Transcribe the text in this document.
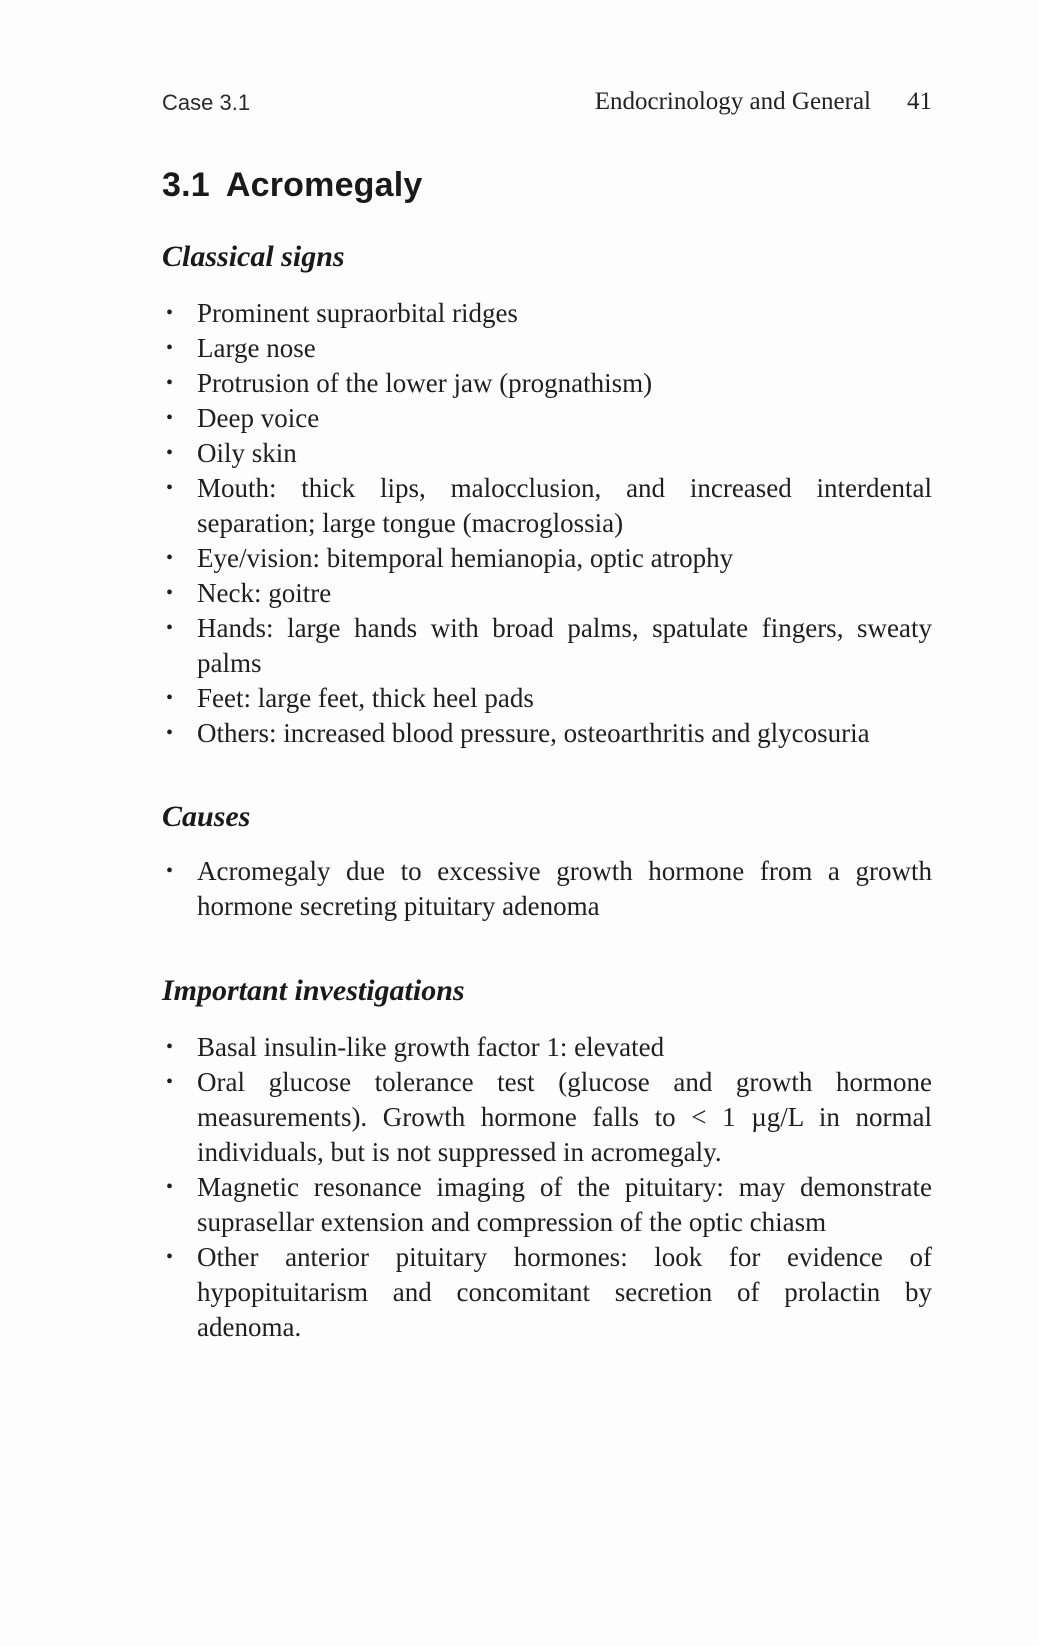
Case 3.1	Endocrinology and General 41
3.1 Acromegaly
Classical signs
• Prominent supraorbital ridges
• Large nose
• Protrusion of the lower jaw (prognathism)
• Deep voice
• Oily skin
• Mouth: thick lips, malocclusion, and increased interdental separation; large tongue (macroglossia)
• Eye/vision: bitemporal hemianopia, optic atrophy
• Neck: goitre
• Hands: large hands with broad palms, spatulate fingers, sweaty palms
• Feet: large feet, thick heel pads
• Others: increased blood pressure, osteoarthritis and glycosuria
Causes
• Acromegaly due to excessive growth hormone from a growth hormone secreting pituitary adenoma
Important investigations
• Basal insulin-like growth factor 1: elevated
• Oral glucose tolerance test (glucose and growth hormone measurements). Growth hormone falls to < 1 µg/L in normal individuals, but is not suppressed in acromegaly.
• Magnetic resonance imaging of the pituitary: may demonstrate suprasellar extension and compression of the optic chiasm
• Other anterior pituitary hormones: look for evidence of hypopituitarism and concomitant secretion of prolactin by adenoma.
